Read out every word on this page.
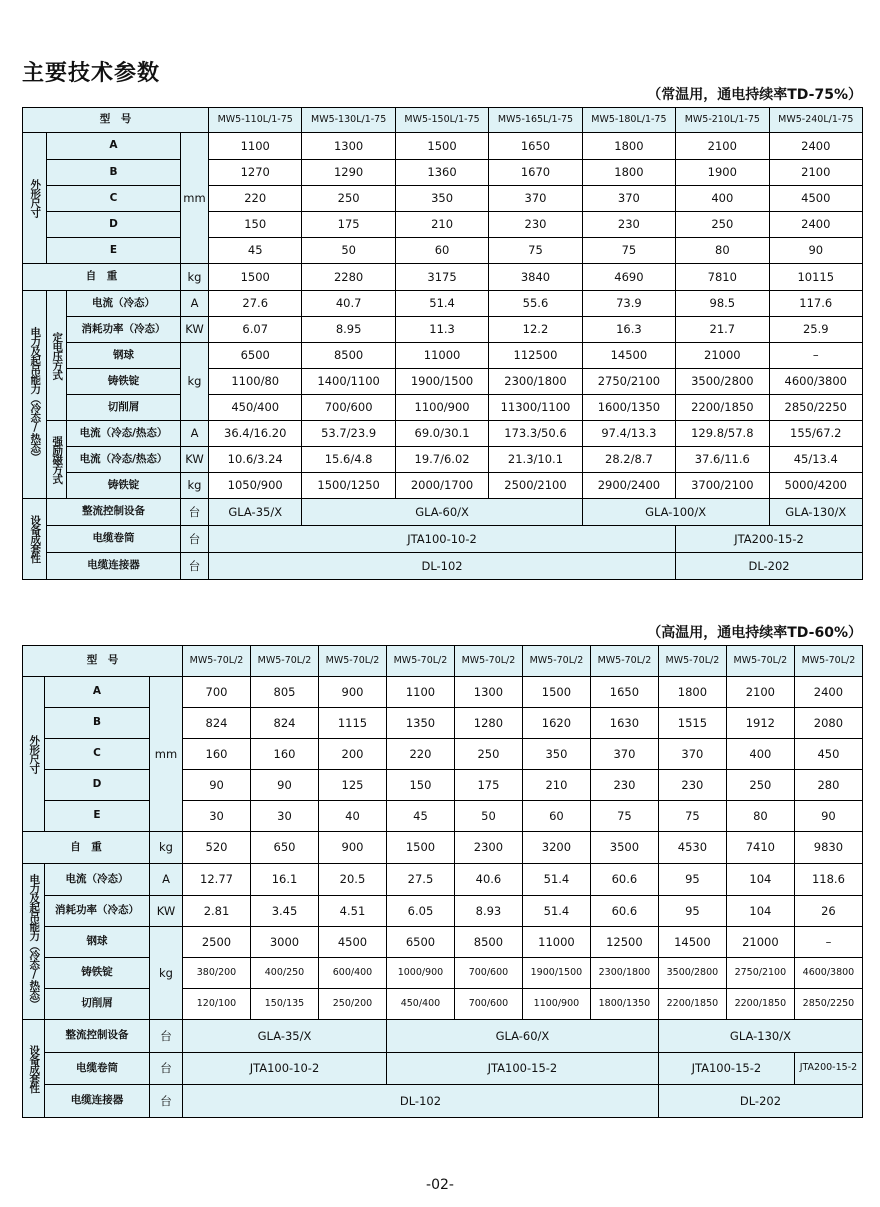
主要技术参数
（常温用，通电持续率TD-75%）
型　号				MW5-110L/1-75	MW5-130L/1-75	MW5-150L/1-75	MW5-165L/1-75	MW5-180L/1-75	MW5-210L/1-75	MW5-240L/1-75
外形尺寸	A		mm	1100	1300	1500	1650	1800	2100	2400
	B			1270	1290	1360	1670	1800	1900	2100
	C			220	250	350	370	370	400	4500
	D			150	175	210	230	230	250	2400
	E			45	50	60	75	75	80	90
自　重			kg	1500	2280	3175	3840	4690	7810	10115
电力及起吊能力（冷态/热态）	定电压方式	电流（冷态）	A	27.6	40.7	51.4	55.6	73.9	98.5	117.6
		消耗功率（冷态）	KW	6.07	8.95	11.3	12.2	16.3	21.7	25.9
		钢球	kg	6500	8500	11000	112500	14500	21000	–
		铸铁锭		1100/80	1400/1100	1900/1500	2300/1800	2750/2100	3500/2800	4600/3800
		切削屑		450/400	700/600	1100/900	11300/1100	1600/1350	2200/1850	2850/2250
	强励磁方式	电流（冷态/热态）	A	36.4/16.20	53.7/23.9	69.0/30.1	173.3/50.6	97.4/13.3	129.8/57.8	155/67.2
		电流（冷态/热态）	KW	10.6/3.24	15.6/4.8	19.7/6.02	21.3/10.1	28.2/8.7	37.6/11.6	45/13.4
		铸铁锭	kg	1050/900	1500/1250	2000/1700	2500/2100	2900/2400	3700/2100	5000/4200
设备成套性	整流控制设备		台	GLA-35/X	GLA-60/X			GLA-100/X		GLA-130/X
	电缆卷筒		台	JTA100-10-2					JTA200-15-2	
	电缆连接器		台	DL-102					DL-202	
（高温用，通电持续率TD-60%）
型　号			MW5-70L/2	MW5-70L/2	MW5-70L/2	MW5-70L/2	MW5-70L/2	MW5-70L/2	MW5-70L/2	MW5-70L/2	MW5-70L/2	MW5-70L/2
外形尺寸	A	mm	700	805	900	1100	1300	1500	1650	1800	2100	2400
	B		824	824	1115	1350	1280	1620	1630	1515	1912	2080
	C		160	160	200	220	250	350	370	370	400	450
	D		90	90	125	150	175	210	230	230	250	280
	E		30	30	40	45	50	60	75	75	80	90
自　重		kg	520	650	900	1500	2300	3200	3500	4530	7410	9830
电力及起吊能力（冷态/热态）	电流（冷态）	A	12.77	16.1	20.5	27.5	40.6	51.4	60.6	95	104	118.6
	消耗功率（冷态）	KW	2.81	3.45	4.51	6.05	8.93	51.4	60.6	95	104	26
	钢球	kg	2500	3000	4500	6500	8500	11000	12500	14500	21000	–
	铸铁锭		380/200	400/250	600/400	1000/900	700/600	1900/1500	2300/1800	3500/2800	2750/2100	4600/3800
	切削屑		120/100	150/135	250/200	450/400	700/600	1100/900	1800/1350	2200/1850	2200/1850	2850/2250
设备成套性	整流控制设备	台	GLA-35/X			GLA-60/X				GLA-130/X		
	电缆卷筒	台	JTA100-10-2			JTA100-15-2				JTA100-15-2		JTA200-15-2
	电缆连接器	台	DL-102							DL-202		
-02-
